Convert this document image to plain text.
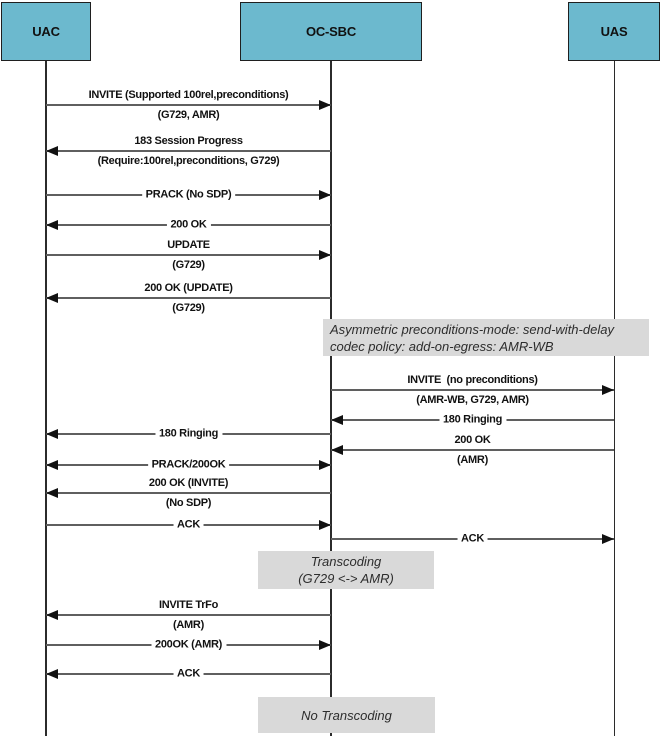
UAC	OC-SBC	UAS
INVITE (Supported 100rel,preconditions)
(G729, AMR)
183 Session Progress
(Require:100rel,preconditions, G729)
PRACK (No SDP)
200 OK
UPDATE
(G729)
200 OK (UPDATE)
(G729)
INVITE  (no preconditions)
(AMR-WB, G729, AMR)
180 Ringing
180 Ringing
200 OK
(AMR)
PRACK/200OK
200 OK (INVITE)
(No SDP)
ACK
ACK
INVITE TrFo
(AMR)
200OK (AMR)
ACK
Asymmetric preconditions-mode: send-with-delay
codec policy: add-on-egress: AMR-WB
Transcoding
(G729 <-> AMR)
No Transcoding
